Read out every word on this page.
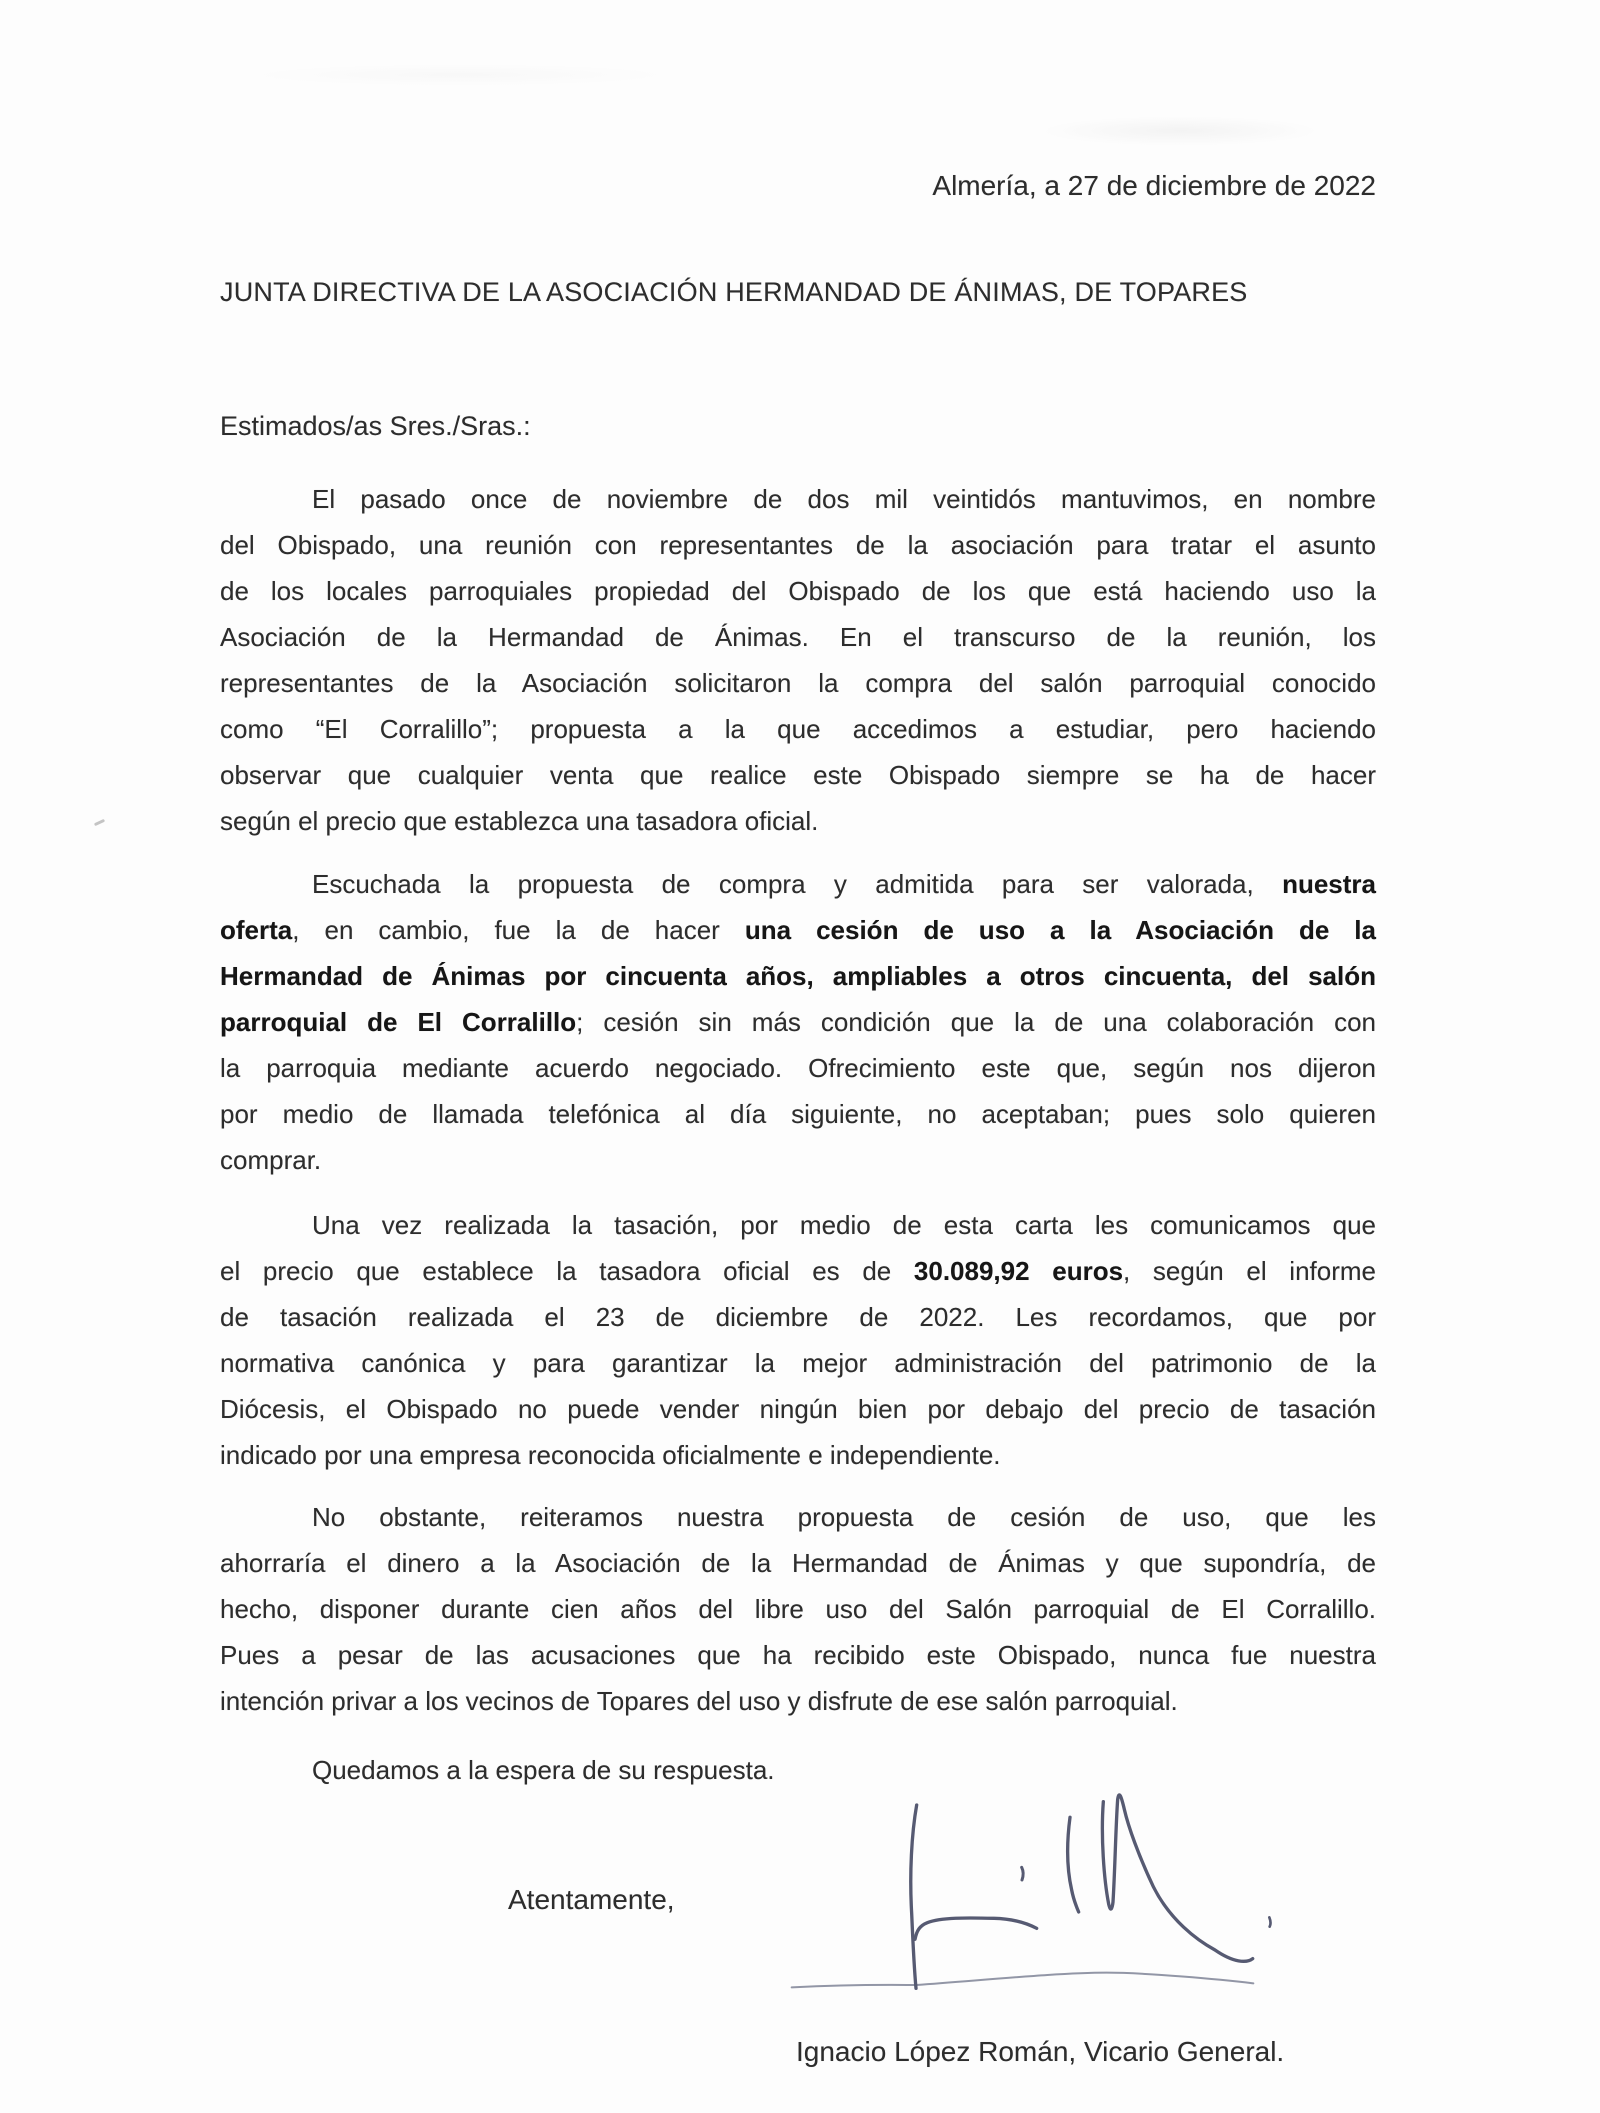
Almería, a 27 de diciembre de 2022
JUNTA DIRECTIVA DE LA ASOCIACIÓN HERMANDAD DE ÁNIMAS, DE TOPARES
Estimados/as Sres./Sras.:
El pasado once de noviembre de dos mil veintidós mantuvimos, en nombre
del Obispado, una reunión con representantes de la asociación para tratar el asunto
de los locales parroquiales propiedad del Obispado de los que está haciendo uso la
Asociación de la Hermandad de Ánimas. En el transcurso de la reunión, los
representantes de la Asociación solicitaron la compra del salón parroquial conocido
como “El Corralillo”; propuesta a la que accedimos a estudiar, pero haciendo
observar que cualquier venta que realice este Obispado siempre se ha de hacer
según el precio que establezca una tasadora oficial.
Escuchada la propuesta de compra y admitida para ser valorada, nuestra
oferta, en cambio, fue la de hacer una cesión de uso a la Asociación de la
Hermandad de Ánimas por cincuenta años, ampliables a otros cincuenta, del salón
parroquial de El Corralillo; cesión sin más condición que la de una colaboración con
la parroquia mediante acuerdo negociado. Ofrecimiento este que, según nos dijeron
por medio de llamada telefónica al día siguiente, no aceptaban; pues solo quieren
comprar.
Una vez realizada la tasación, por medio de esta carta les comunicamos que
el precio que establece la tasadora oficial es de 30.089,92 euros, según el informe
de tasación realizada el 23 de diciembre de 2022. Les recordamos, que por
normativa canónica y para garantizar la mejor administración del patrimonio de la
Diócesis, el Obispado no puede vender ningún bien por debajo del precio de tasación
indicado por una empresa reconocida oficialmente e independiente.
No obstante, reiteramos nuestra propuesta de cesión de uso, que les
ahorraría el dinero a la Asociación de la Hermandad de Ánimas y que supondría, de
hecho, disponer durante cien años del libre uso del Salón parroquial de El Corralillo.
Pues a pesar de las acusaciones que ha recibido este Obispado, nunca fue nuestra
intención privar a los vecinos de Topares del uso y disfrute de ese salón parroquial.
Quedamos a la espera de su respuesta.
Atentamente,
Ignacio López Román, Vicario General.
